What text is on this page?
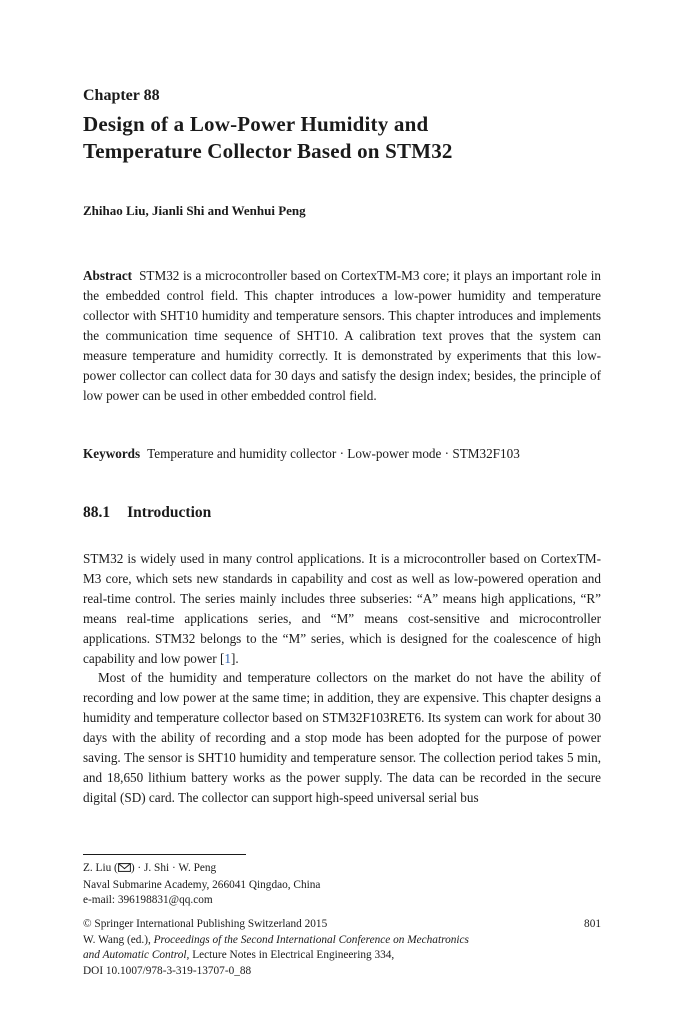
Chapter 88
Design of a Low-Power Humidity and Temperature Collector Based on STM32
Zhihao Liu, Jianli Shi and Wenhui Peng

Abstract STM32 is a microcontroller based on CortexTM-M3 core; it plays an important role in the embedded control field. This chapter introduces a low-power humidity and temperature collector with SHT10 humidity and temperature sensors. This chapter introduces and implements the communication time sequence of SHT10. A calibration text proves that the system can measure temperature and humidity correctly. It is demonstrated by experiments that this low-power collector can collect data for 30 days and satisfy the design index; besides, the principle of low power can be used in other embedded control field.

Keywords Temperature and humidity collector · Low-power mode · STM32F103

88.1 Introduction

STM32 is widely used in many control applications. It is a microcontroller based on CortexTM-M3 core, which sets new standards in capability and cost as well as low-powered operation and real-time control. The series mainly includes three subseries: “A” means high applications, “R” means real-time applications series, and “M” means cost-sensitive and microcontroller applications. STM32 belongs to the “M” series, which is designed for the coalescence of high capability and low power [1].

Most of the humidity and temperature collectors on the market do not have the ability of recording and low power at the same time; in addition, they are expensive. This chapter designs a humidity and temperature collector based on STM32F103RET6. Its system can work for about 30 days with the ability of recording and a stop mode has been adopted for the purpose of power saving. The sensor is SHT10 humidity and temperature sensor. The collection period takes 5 min, and 18,650 lithium battery works as the power supply. The data can be recorded in the secure digital (SD) card. The collector can support high-speed universal serial bus

Z. Liu ( ) · J. Shi · W. Peng
Naval Submarine Academy, 266041 Qingdao, China
e-mail: 396198831@qq.com
© Springer International Publishing Switzerland 2015	801
W. Wang (ed.), Proceedings of the Second International Conference on Mechatronics
and Automatic Control, Lecture Notes in Electrical Engineering 334,
DOI 10.1007/978-3-319-13707-0_88
